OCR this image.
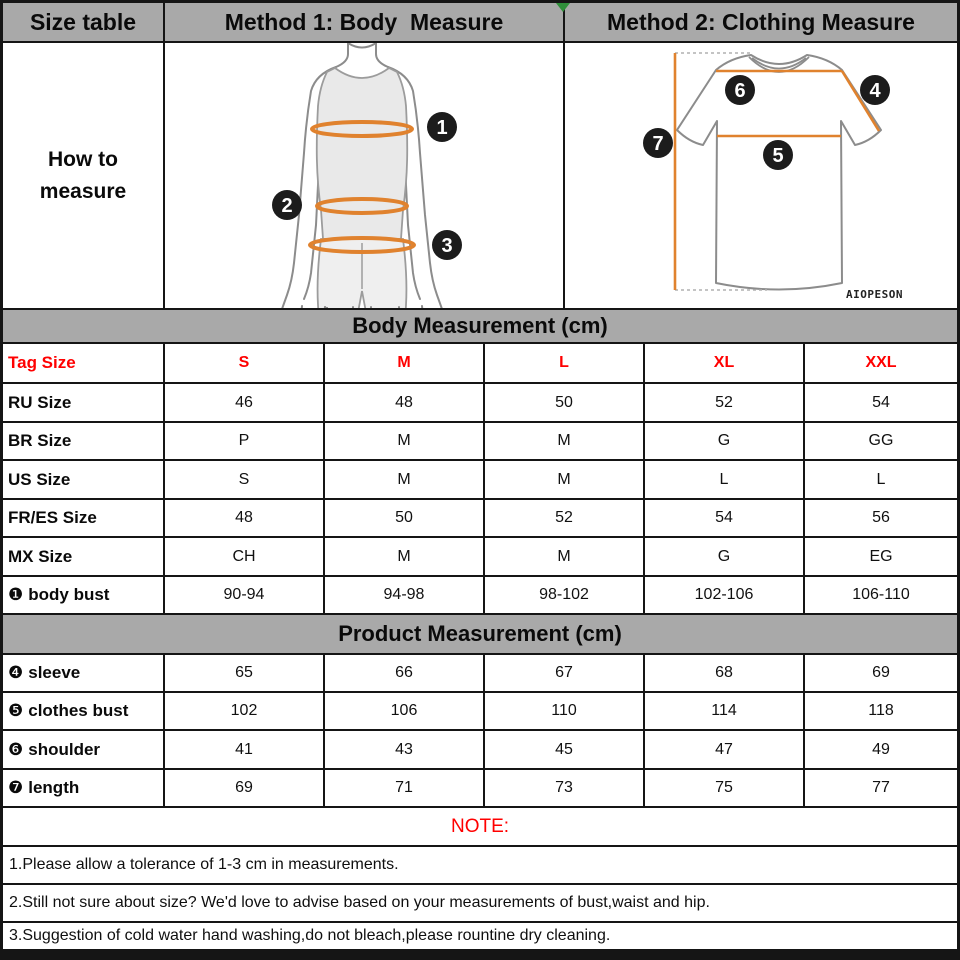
Size table	Method 1: Body  Measure	Method 2: Clothing Measure
How to
measure
1
2
3
6	4
7
5
AIOPESON
Body Measurement (cm)
Tag Size	S	M	L	XL	XXL
RU Size	46	48	50	52	54
BR Size	P	M	M	G	GG
US Size	S	M	M	L	L
FR/ES Size	48	50	52	54	56
MX Size	CH	M	M	G	EG
❶ body bust	90-94	94-98	98-102	102-106	106-110
Product Measurement (cm)
❹ sleeve	65	66	67	68	69
❺ clothes bust	102	106	110	114	118
❻ shoulder	41	43	45	47	49
❼ length	69	71	73	75	77
NOTE:
1.Please allow a tolerance of 1-3 cm in measurements.
2.Still not sure about size? We'd love to advise based on your measurements of bust,waist and hip.
3.Suggestion of cold water hand washing,do not bleach,please rountine dry cleaning.
